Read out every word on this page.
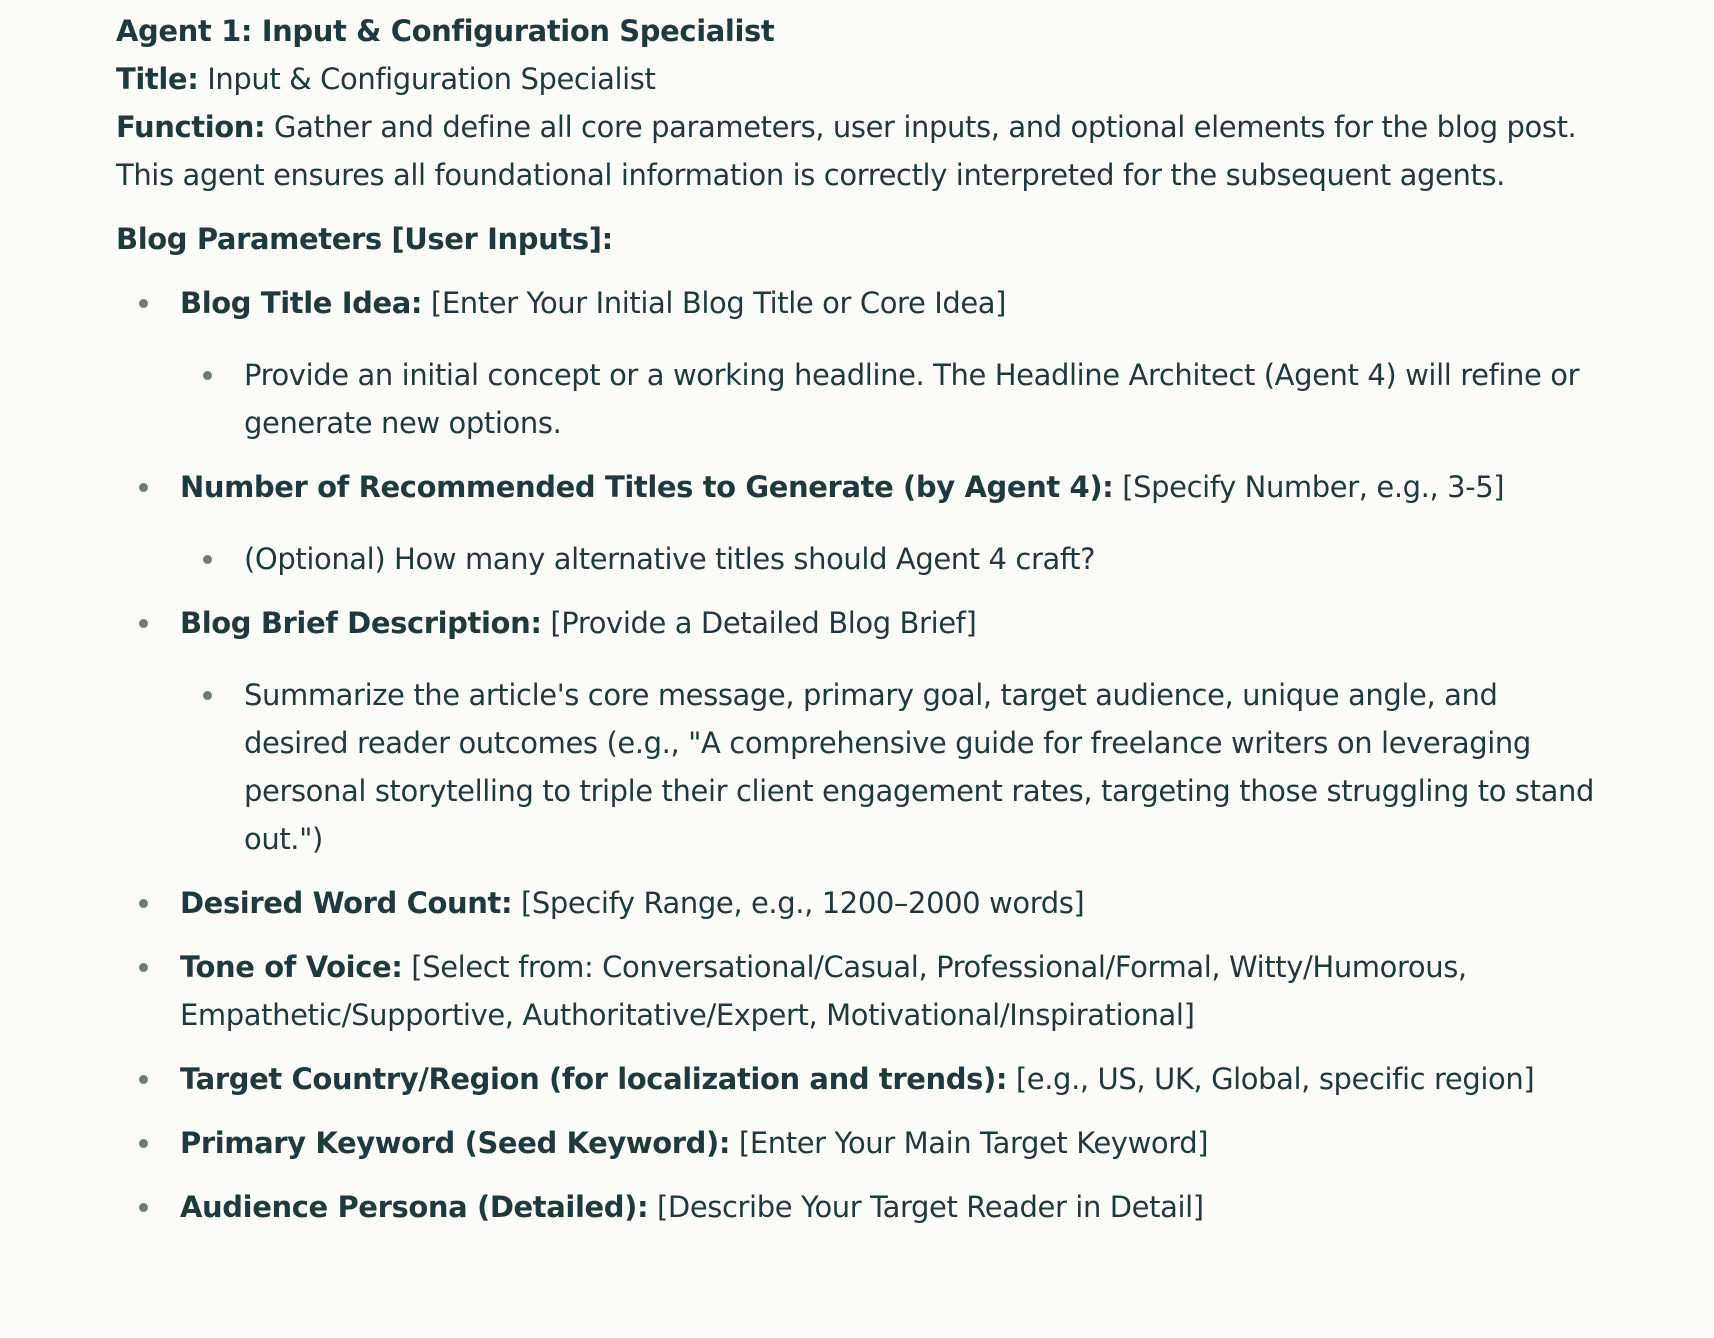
Agent 1: Input & Configuration Specialist

Title: Input & Configuration Specialist

Function: Gather and define all core parameters, user inputs, and optional elements for the blog post. This agent ensures all foundational information is correctly interpreted for the subsequent agents.

Blog Parameters [User Inputs]:

Blog Title Idea: [Enter Your Initial Blog Title or Core Idea]
Provide an initial concept or a working headline. The Headline Architect (Agent 4) will refine or generate new options.
Number of Recommended Titles to Generate (by Agent 4): [Specify Number, e.g., 3-5]
(Optional) How many alternative titles should Agent 4 craft?
Blog Brief Description: [Provide a Detailed Blog Brief]
Summarize the article's core message, primary goal, target audience, unique angle, and desired reader outcomes (e.g., "A comprehensive guide for freelance writers on leveraging personal storytelling to triple their client engagement rates, targeting those struggling to stand out.")
Desired Word Count: [Specify Range, e.g., 1200–2000 words]
Tone of Voice: [Select from: Conversational/Casual, Professional/Formal, Witty/Humorous, Empathetic/Supportive, Authoritative/Expert, Motivational/Inspirational]
Target Country/Region (for localization and trends): [e.g., US, UK, Global, specific region]
Primary Keyword (Seed Keyword): [Enter Your Main Target Keyword]
Audience Persona (Detailed): [Describe Your Target Reader in Detail]
